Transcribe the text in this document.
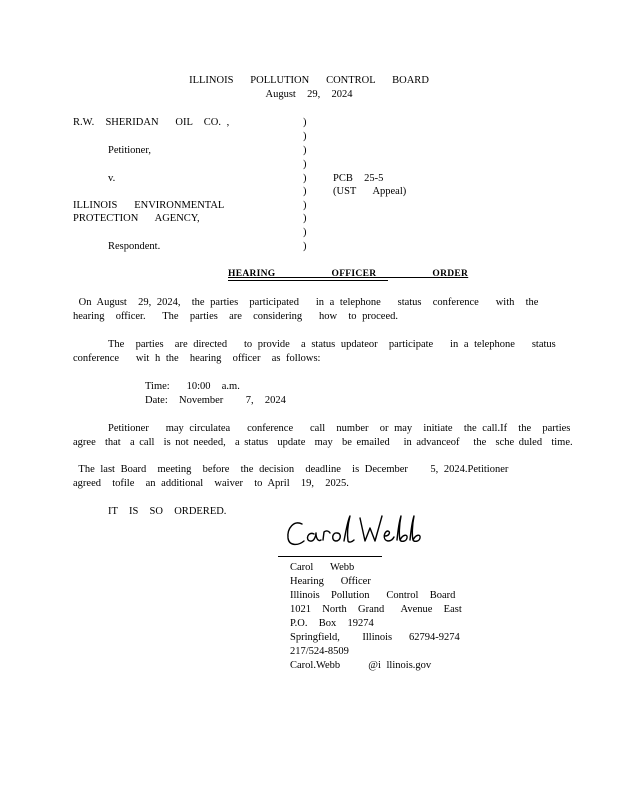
ILLINOIS   POLLUTION   CONTROL   BOARD
August  29,  2024
R.W.  SHERIDAN   OIL  CO. ,
Petitioner,
v.
ILLINOIS   ENVIRONMENTAL
PROTECTION   AGENCY,
Respondent.
)
)
)
)
)
)
)
)
)
)
PCB  25-5
(UST   Appeal)
HEARING   OFFICER   ORDER
On August  29, 2024,  the parties  participated   in a telephone   status  conference   with  the
hearing  officer.   The  parties  are  considering   how  to proceed.
The  parties  are directed   to provide  a status updateor  participate   in a telephone   status
conference   wit h the  hearing  officer  as follows:
Time:   10:00  a.m.
Date:  November    7,  2024
Petitioner   may circulatea   conference   call  number  or may  initiate  the call.If  the  parties
agree  that  a call  is not needed,  a status  update  may  be emailed   in advanceof   the  sche duled  time.
The last Board  meeting  before  the decision  deadline  is December    5, 2024.Petitioner
agreed  tofile  an additional  waiver  to April  19,  2025.
IT  IS  SO  ORDERED.
Carol   Webb
Hearing   Officer
Illinois  Pollution   Control  Board
1021  North  Grand   Avenue  East
P.O.  Box  19274
Springfield,    Illinois   62794-9274
217/524-8509
Carol.Webb     @i llinois.gov
